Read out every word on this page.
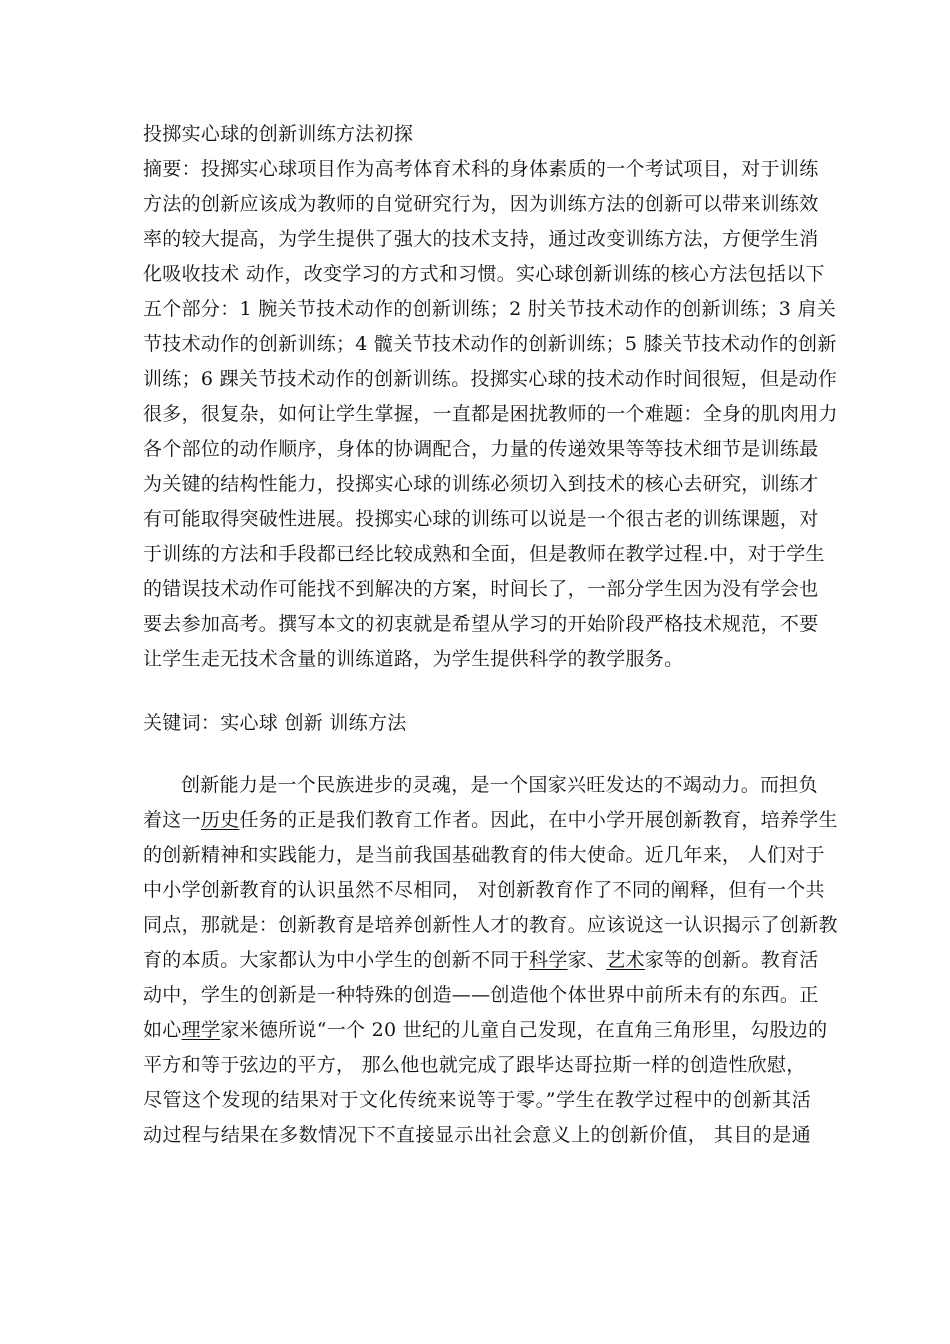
投掷实心球的创新训练方法初探
摘要：投掷实心球项目作为高考体育术科的身体素质的一个考试项目，对于训练
方法的创新应该成为教师的自觉研究行为，因为训练方法的创新可以带来训练效
率的较大提高，为学生提供了强大的技术支持，通过改变训练方法，方便学生消
化吸收技术 动作，改变学习的方式和习惯。实心球创新训练的核心方法包括以下
五个部分：1 腕关节技术动作的创新训练；2 肘关节技术动作的创新训练；3 肩关
节技术动作的创新训练；4 髋关节技术动作的创新训练；5 膝关节技术动作的创新
训练；6 踝关节技术动作的创新训练。投掷实心球的技术动作时间很短，但是动作
很多，很复杂，如何让学生掌握，一直都是困扰教师的一个难题：全身的肌肉用力
各个部位的动作顺序，身体的协调配合，力量的传递效果等等技术细节是训练最
为关键的结构性能力，投掷实心球的训练必须切入到技术的核心去研究，训练才
有可能取得突破性进展。投掷实心球的训练可以说是一个很古老的训练课题，对
于训练的方法和手段都已经比较成熟和全面，但是教师在教学过程.中，对于学生
的错误技术动作可能找不到解决的方案，时间长了，一部分学生因为没有学会也
要去参加高考。撰写本文的初衷就是希望从学习的开始阶段严格技术规范，不要
让学生走无技术含量的训练道路，为学生提供科学的教学服务。
关键词：实心球 创新 训练方法
创新能力是一个民族进步的灵魂，是一个国家兴旺发达的不竭动力。而担负
着这一历史任务的正是我们教育工作者。因此，在中小学开展创新教育，培养学生
的创新精神和实践能力，是当前我国基础教育的伟大使命。近几年来， 人们对于
中小学创新教育的认识虽然不尽相同， 对创新教育作了不同的阐释，但有一个共
同点，那就是：创新教育是培养创新性人才的教育。应该说这一认识揭示了创新教
育的本质。大家都认为中小学生的创新不同于科学家、艺术家等的创新。教育活
动中，学生的创新是一种特殊的创造——创造他个体世界中前所未有的东西。正
如心理学家米德所说“一个 20 世纪的儿童自己发现，在直角三角形里，勾股边的
平方和等于弦边的平方， 那么他也就完成了跟毕达哥拉斯一样的创造性欣慰，
尽管这个发现的结果对于文化传统来说等于零。”学生在教学过程中的创新其活
动过程与结果在多数情况下不直接显示出社会意义上的创新价值， 其目的是通
